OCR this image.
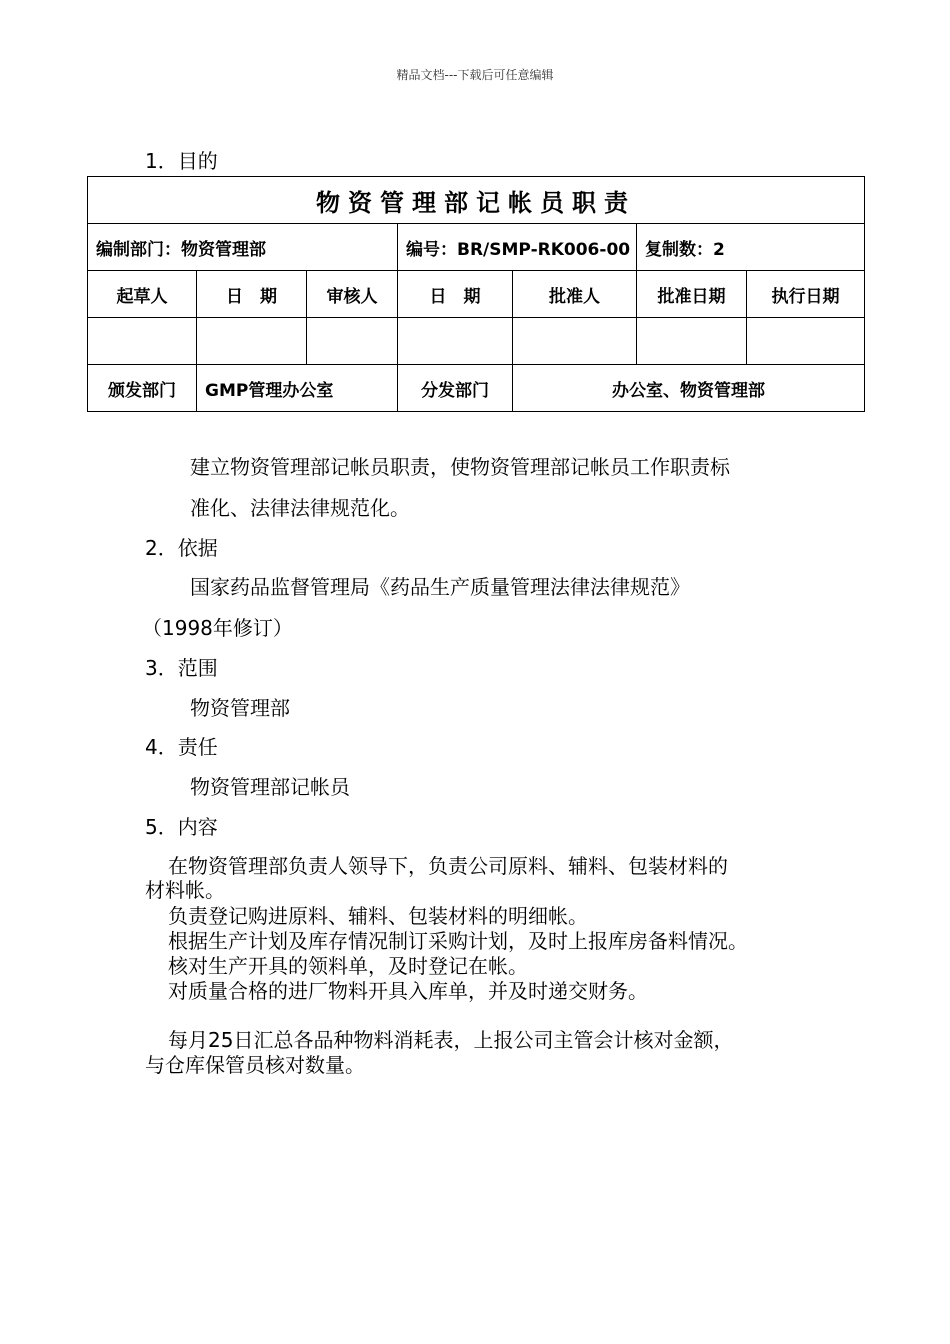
精品文档---下载后可任意编辑
1．目的
物资管理部记帐员职责						
编制部门：物资管理部			编号：BR/SMP-RK006-00		复制数：2	
起草人	日　期	审核人	日　期	批准人	批准日期	执行日期

颁发部门	GMP管理办公室		分发部门	办公室、物资管理部		
建立物资管理部记帐员职责，使物资管理部记帐员工作职责标
准化、法律法律规范化。
2．依据
国家药品监督管理局《药品生产质量管理法律法律规范》
（1998年修订）
3．范围
物资管理部
4．责任
物资管理部记帐员
5．内容
在物资管理部负责人领导下，负责公司原料、辅料、包装材料的
材料帐。
负责登记购进原料、辅料、包装材料的明细帐。
根据生产计划及库存情况制订采购计划，及时上报库房备料情况。
核对生产开具的领料单，及时登记在帐。
对质量合格的进厂物料开具入库单，并及时递交财务。
每月25日汇总各品种物料消耗表，上报公司主管会计核对金额，
与仓库保管员核对数量。
